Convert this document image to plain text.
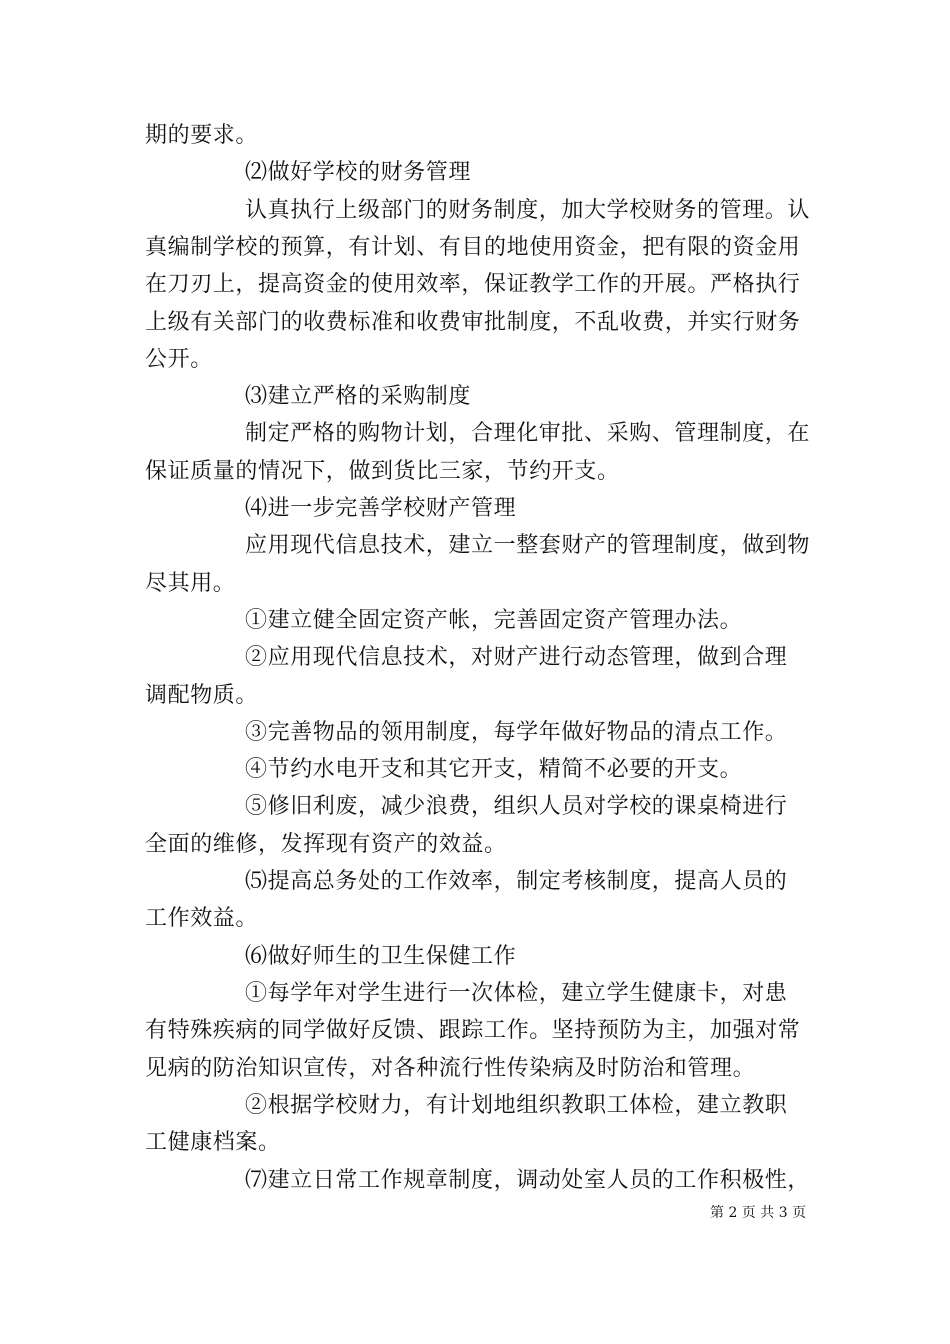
期的要求。
⑵做好学校的财务管理
认真执行上级部门的财务制度，加大学校财务的管理。认
真编制学校的预算，有计划、有目的地使用资金，把有限的资金用
在刀刃上，提高资金的使用效率，保证教学工作的开展。严格执行
上级有关部门的收费标准和收费审批制度，不乱收费，并实行财务
公开。
⑶建立严格的采购制度
制定严格的购物计划，合理化审批、采购、管理制度，在
保证质量的情况下，做到货比三家，节约开支。
⑷进一步完善学校财产管理
应用现代信息技术，建立一整套财产的管理制度，做到物
尽其用。
①建立健全固定资产帐，完善固定资产管理办法。
②应用现代信息技术，对财产进行动态管理，做到合理
调配物质。
③完善物品的领用制度，每学年做好物品的清点工作。
④节约水电开支和其它开支，精简不必要的开支。
⑤修旧利废，减少浪费，组织人员对学校的课桌椅进行
全面的维修，发挥现有资产的效益。
⑸提高总务处的工作效率，制定考核制度，提高人员的
工作效益。
⑹做好师生的卫生保健工作
①每学年对学生进行一次体检，建立学生健康卡，对患
有特殊疾病的同学做好反馈、跟踪工作。坚持预防为主，加强对常
见病的防治知识宣传，对各种流行性传染病及时防治和管理。
②根据学校财力，有计划地组织教职工体检，建立教职
工健康档案。
⑺建立日常工作规章制度，调动处室人员的工作积极性，
第 2 页 共 3 页
